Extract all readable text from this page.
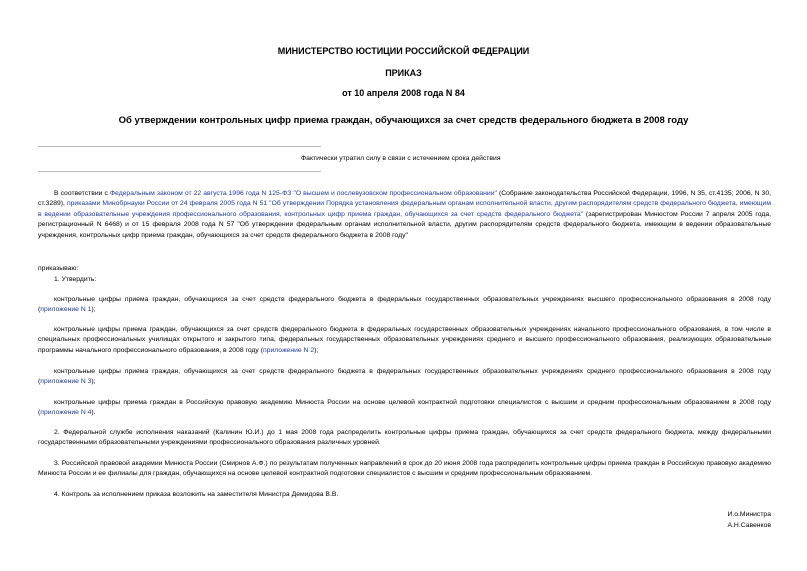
МИНИСТЕРСТВО ЮСТИЦИИ РОССИЙСКОЙ ФЕДЕРАЦИИ
ПРИКАЗ
от 10 апреля 2008 года N 84
Об утверждении контрольных цифр приема граждан, обучающихся за счет средств федерального бюджета в 2008 году
Фактически утратил силу в связи с истечением срока действия
В соответствии с Федеральным законом от 22 августа 1996 года N 125-ФЗ "О высшем и послевузовском профессиональном образовании" (Собрание законодательства Российской Федерации, 1996, N 35, ст.4135; 2006, N 30, ст.3289), приказами Минобрнауки России от 24 февраля 2005 года N 51 "Об утверждении Порядка установления федеральным органам исполнительной власти, другим распорядителям средств федерального бюджета, имеющим в ведении образовательные учреждения профессионального образования, контрольных цифр приема граждан, обучающихся за счет средств федерального бюджета" (зарегистрирован Минюстом России 7 апреля 2005 года, регистрационный N 6468) и от 15 февраля 2008 года N 57 "Об утверждении федеральным органам исполнительной власти, другим распорядителям средств федерального бюджета, имеющим в ведении образовательные учреждения, контрольных цифр приема граждан, обучающихся за счет средств федерального бюджета в 2008 году"
приказываю:
1. Утвердить:
контрольные цифры приема граждан, обучающихся за счет средств федерального бюджета в федеральных государственных образовательных учреждениях высшего профессионального образования в 2008 году (приложение N 1);
контрольные цифры приема граждан, обучающихся за счет средств федерального бюджета в федеральных государственных образовательных учреждениях начального профессионального образования, в том числе в специальных профессиональных училищах открытого и закрытого типа, федеральных государственных образовательных учреждениях среднего и высшего профессионального образования, реализующих образовательные программы начального профессионального образования, в 2008 году (приложение N 2);
контрольные цифры приема граждан, обучающихся за счет средств федерального бюджета в федеральных государственных образовательных учреждениях среднего профессионального образования в 2008 году (приложение N 3);
контрольные цифры приема граждан в Российскую правовую академию Минюста России на основе целевой контрактной подготовки специалистов с высшим и средним профессиональным образованием в 2008 году (приложение N 4).
2. Федеральной службе исполнения наказаний (Калинин Ю.И.) до 1 мая 2008 года распределить контрольные цифры приема граждан, обучающихся за счет средств федерального бюджета, между федеральными государственными образовательными учреждениями профессионального образования различных уровней.
3. Российской правовой академии Минюста России (Смирнов А.Ф.) по результатам полученных направлений в срок до 20 июня 2008 года распределить контрольные цифры приема граждан в Российскую правовую академию Минюста России и ее филиалы для граждан, обучающихся на основе целевой контрактной подготовки специалистов с высшим и средним профессиональным образованием.
4. Контроль за исполнением приказа возложить на заместителя Министра Демидова В.В.
И.о.Министра
А.Н.Савенков
